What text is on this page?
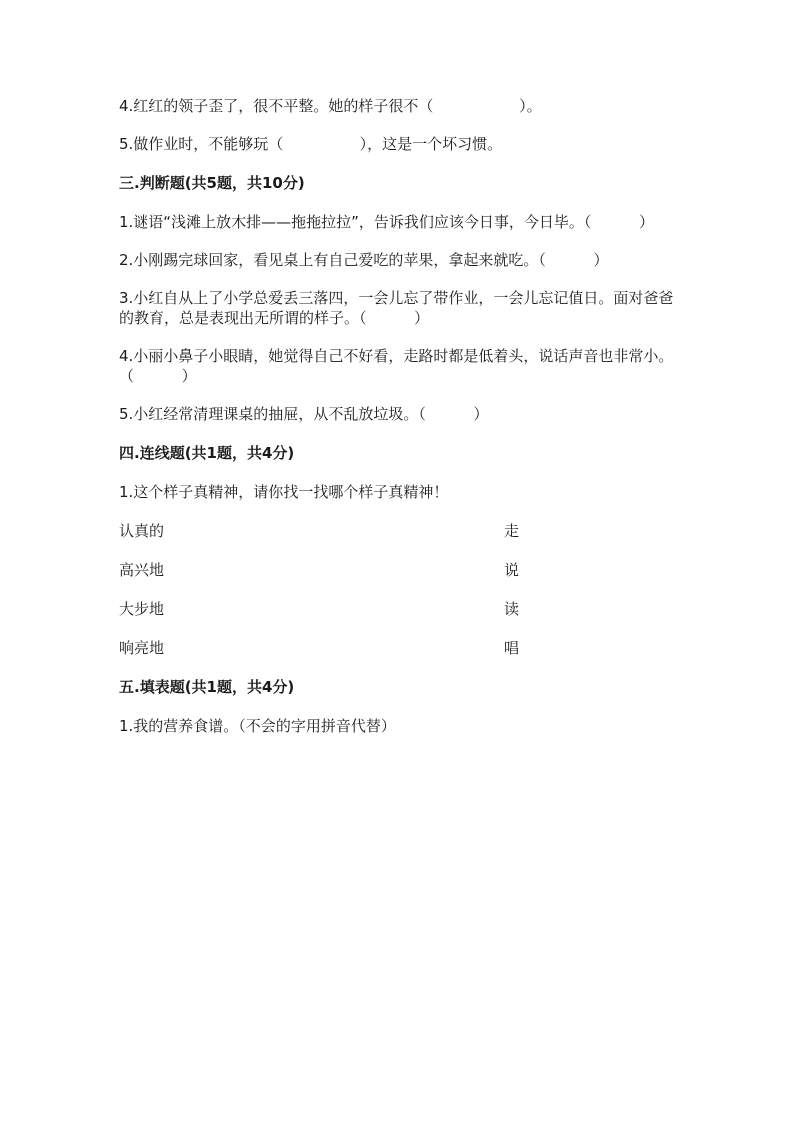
4.红红的领子歪了，很不平整。她的样子很不（                  ）。
5.做作业时，不能够玩（                ），这是一个坏习惯。
三.判断题(共5题，共10分)
1.谜语“浅滩上放木排——拖拖拉拉”，告诉我们应该今日事，今日毕。（          ）
2.小刚踢完球回家，看见桌上有自己爱吃的苹果，拿起来就吃。（          ）
3.小红自从上了小学总爱丢三落四，一会儿忘了带作业，一会儿忘记值日。面对爸爸的教育，总是表现出无所谓的样子。（          ）
4.小丽小鼻子小眼睛，她觉得自己不好看，走路时都是低着头，说话声音也非常小。（          ）
5.小红经常清理课桌的抽屉，从不乱放垃圾。（          ）
四.连线题(共1题，共4分)
1.这个样子真精神，请你找一找哪个样子真精神！
认真的	走
高兴地	说
大步地	读
响亮地	唱
五.填表题(共1题，共4分)
1.我的营养食谱。（不会的字用拼音代替）
